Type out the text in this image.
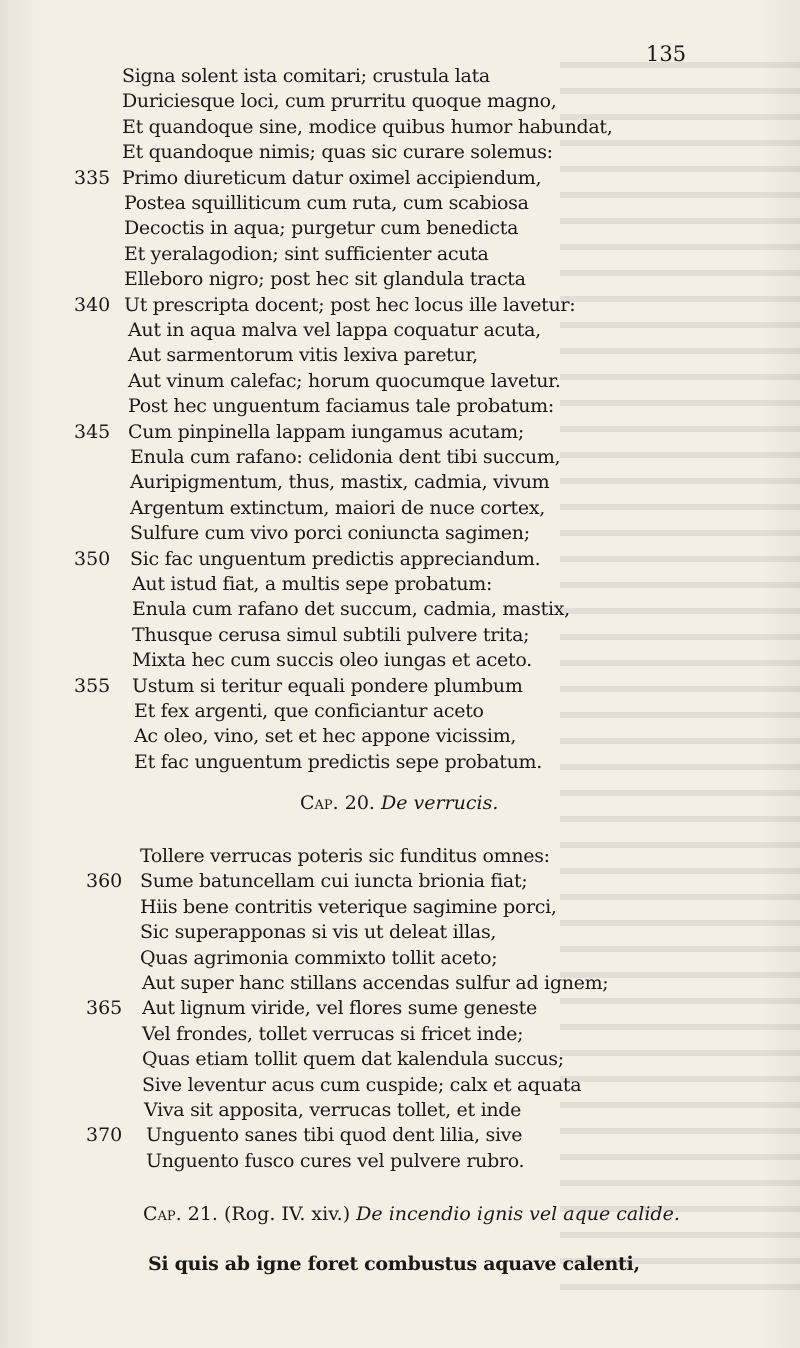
135
Signa solent ista comitari; crustula lata
Duriciesque loci, cum prurritu quoque magno,
Et quandoque sine, modice quibus humor habundat,
Et quandoque nimis; quas sic curare solemus:
Primo diureticum datur oximel accipiendum,
335
Postea squilliticum cum ruta, cum scabiosa
Decoctis in aqua; purgetur cum benedicta
Et yeralagodion; sint sufficienter acuta
Elleboro nigro; post hec sit glandula tracta
Ut prescripta docent; post hec locus ille lavetur:
340
Aut in aqua malva vel lappa coquatur acuta,
Aut sarmentorum vitis lexiva paretur,
Aut vinum calefac; horum quocumque lavetur.
Post hec unguentum faciamus tale probatum:
Cum pinpinella lappam iungamus acutam;
345
Enula cum rafano: celidonia dent tibi succum,
Auripigmentum, thus, mastix, cadmia, vivum
Argentum extinctum, maiori de nuce cortex,
Sulfure cum vivo porci coniuncta sagimen;
Sic fac unguentum predictis appreciandum.
350
Aut istud fiat, a multis sepe probatum:
Enula cum rafano det succum, cadmia, mastix,
Thusque cerusa simul subtili pulvere trita;
Mixta hec cum succis oleo iungas et aceto.
Ustum si teritur equali pondere plumbum
355
Et fex argenti, que conficiantur aceto
Ac oleo, vino, set et hec appone vicissim,
Et fac unguentum predictis sepe probatum.
Cap. 20. De verrucis.
Tollere verrucas poteris sic funditus omnes:
Sume batuncellam cui iuncta brionia fiat;
360
Hiis bene contritis veterique sagimine porci,
Sic superapponas si vis ut deleat illas,
Quas agrimonia commixto tollit aceto;
Aut super hanc stillans accendas sulfur ad ignem;
Aut lignum viride, vel flores sume geneste
365
Vel frondes, tollet verrucas si fricet inde;
Quas etiam tollit quem dat kalendula succus;
Sive leventur acus cum cuspide; calx et aquata
Viva sit apposita, verrucas tollet, et inde
Unguento sanes tibi quod dent lilia, sive
370
Unguento fusco cures vel pulvere rubro.
Cap. 21. (Rog. IV. xiv.) De incendio ignis vel aque calide.
Si quis ab igne foret combustus aquave calenti,
